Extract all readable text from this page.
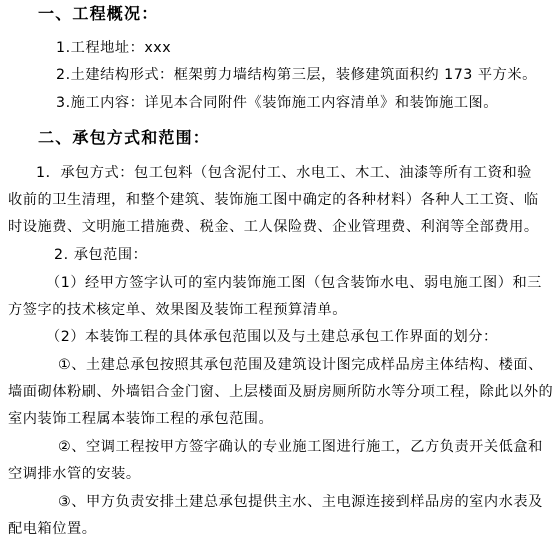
一、工程概况：
1.工程地址：xxx
2.土建结构形式：框架剪力墙结构第三层，装修建筑面积约 173 平方米。
3.施工内容：详见本合同附件《装饰施工内容清单》和装饰施工图。
二、承包方式和范围：
1．承包方式：包工包料（包含泥付工、水电工、木工、油漆等所有工资和验
收前的卫生清理，和整个建筑、装饰施工图中确定的各种材料）各种人工工资、临
时设施费、文明施工措施费、税金、工人保险费、企业管理费、利润等全部费用。
2. 承包范围：
（1）经甲方签字认可的室内装饰施工图（包含装饰水电、弱电施工图）和三
方签字的技术核定单、效果图及装饰工程预算清单。
（2）本装饰工程的具体承包范围以及与土建总承包工作界面的划分：
①、土建总承包按照其承包范围及建筑设计图完成样品房主体结构、楼面、
墙面砌体粉刷、外墙铝合金门窗、上层楼面及厨房厕所防水等分项工程，除此以外的
室内装饰工程属本装饰工程的承包范围。
②、空调工程按甲方签字确认的专业施工图进行施工，乙方负责开关低盒和
空调排水管的安装。
③、甲方负责安排土建总承包提供主水、主电源连接到样品房的室内水表及
配电箱位置。
